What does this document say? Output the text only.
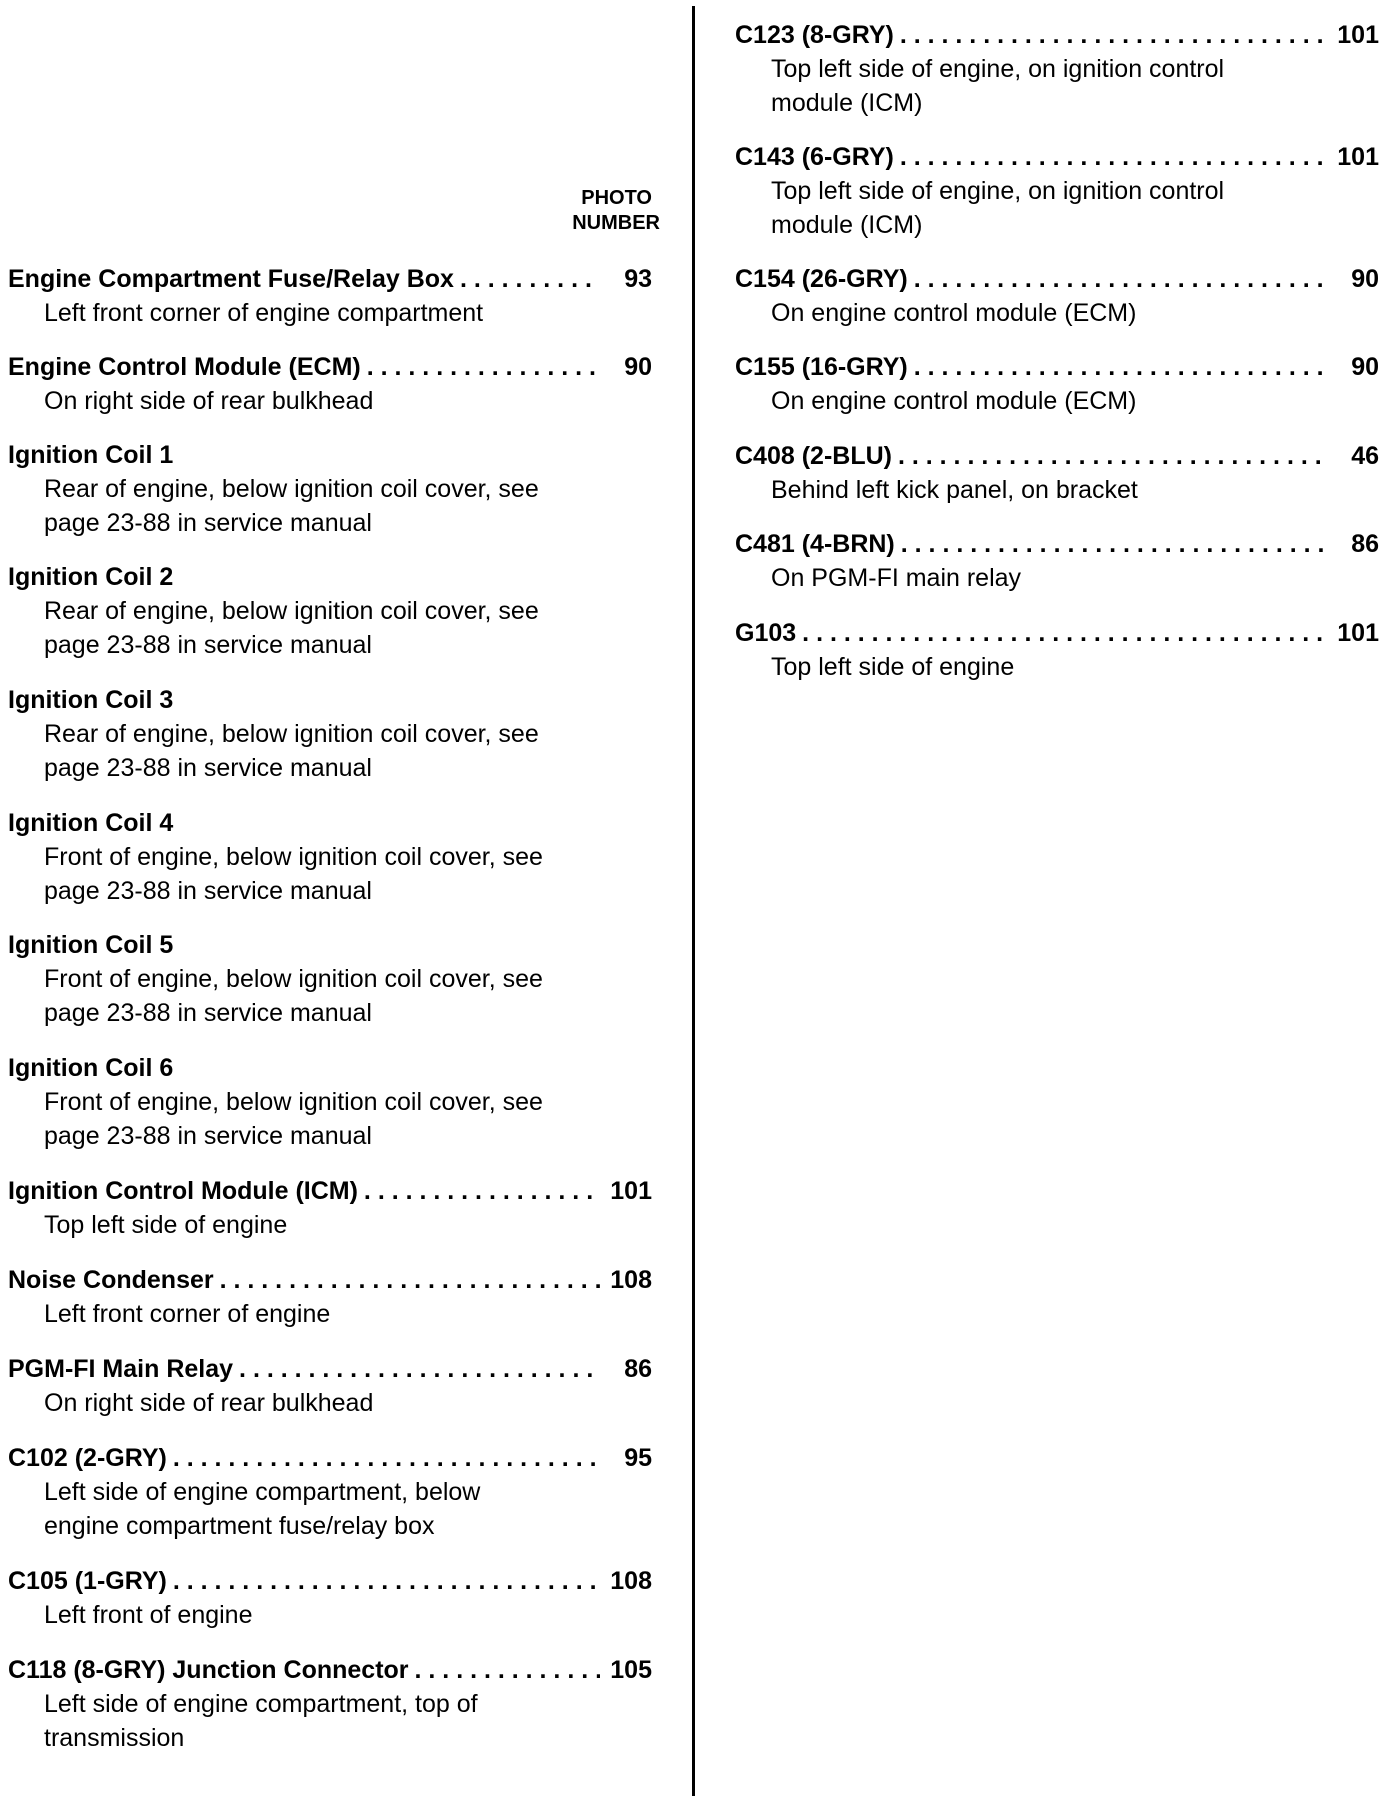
PHOTO
NUMBER
Engine Compartment Fuse/Relay Box . . .	93
Left front corner of engine compartment
Engine Control Module (ECM) . . .	90
On right side of rear bulkhead
Ignition Coil 1
Rear of engine, below ignition coil cover, see
page 23-88 in service manual
Ignition Coil 2
Rear of engine, below ignition coil cover, see
page 23-88 in service manual
Ignition Coil 3
Rear of engine, below ignition coil cover, see
page 23-88 in service manual
Ignition Coil 4
Front of engine, below ignition coil cover, see
page 23-88 in service manual
Ignition Coil 5
Front of engine, below ignition coil cover, see
page 23-88 in service manual
Ignition Coil 6
Front of engine, below ignition coil cover, see
page 23-88 in service manual
Ignition Control Module (ICM) . . .	101
Top left side of engine
Noise Condenser . . .	108
Left front corner of engine
PGM-FI Main Relay . . .	86
On right side of rear bulkhead
C102 (2-GRY) . . .	95
Left side of engine compartment, below
engine compartment fuse/relay box
C105 (1-GRY) . . .	108
Left front of engine
C118 (8-GRY) Junction Connector . . .	105
Left side of engine compartment, top of
transmission
C123 (8-GRY) . . .	101
Top left side of engine, on ignition control
module (ICM)
C143 (6-GRY) . . .	101
Top left side of engine, on ignition control
module (ICM)
C154 (26-GRY) . . .	90
On engine control module (ECM)
C155 (16-GRY) . . .	90
On engine control module (ECM)
C408 (2-BLU) . . .	46
Behind left kick panel, on bracket
C481 (4-BRN) . . .	86
On PGM-FI main relay
G103 . . .	101
Top left side of engine
